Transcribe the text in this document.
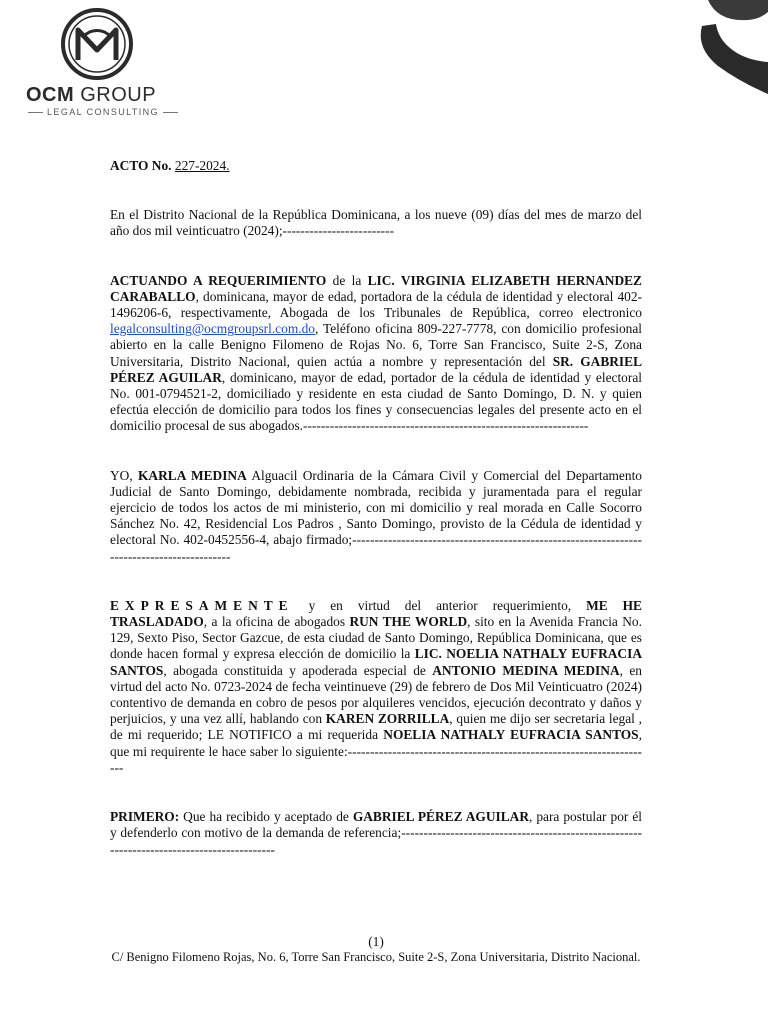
OCM GROUP
LEGAL CONSULTING

ACTO No. 227-2024.

En el Distrito Nacional de la República Dominicana, a los nueve (09) días del mes de marzo del año dos mil veinticuatro (2024);-------------------------

ACTUANDO A REQUERIMIENTO de la LIC. VIRGINIA ELIZABETH HERNANDEZ CARABALLO, dominicana, mayor de edad, portadora de la cédula de identidad y electoral 402-1496206-6, respectivamente, Abogada de los Tribunales de República, correo electronico legalconsulting@ocmgroupsrl.com.do, Teléfono oficina 809-227-7778, con domicilio profesional abierto en la calle Benigno Filomeno de Rojas No. 6, Torre San Francisco, Suite 2-S, Zona Universitaria, Distrito Nacional, quien actúa a nombre y representación del SR. GABRIEL PÉREZ AGUILAR, dominicano, mayor de edad, portador de la cédula de identidad y electoral No. 001-0794521-2, domiciliado y residente en esta ciudad de Santo Domingo, D. N. y quien efectúa elección de domicilio para todos los fines y consecuencias legales del presente acto en el domicilio procesal de sus abogados.----------------------------------------------------------------

YO, KARLA MEDINA Alguacil Ordinaria de la Cámara Civil y Comercial del Departamento Judicial de Santo Domingo, debidamente nombrada, recibida y juramentada para el regular ejercicio de todos los actos de mi ministerio, con mi domicilio y real morada en Calle Socorro Sánchez No. 42, Residencial Los Padros , Santo Domingo, provisto de la Cédula de identidad y electoral No. 402-0452556-4, abajo firmado;--------------------------------------------------------------------------------------------

EXPRESAMENTE y en virtud del anterior requerimiento, ME HE TRASLADADO, a la oficina de abogados RUN THE WORLD, sito en la Avenida Francia No. 129, Sexto Piso, Sector Gazcue, de esta ciudad de Santo Domingo, República Dominicana, que es donde hacen formal y expresa elección de domicilio la LIC. NOELIA NATHALY EUFRACIA SANTOS, abogada constituida y apoderada especial de ANTONIO MEDINA MEDINA, en virtud del acto No. 0723-2024 de fecha veintinueve (29) de febrero de Dos Mil Veinticuatro (2024) contentivo de demanda en cobro de pesos por alquileres vencidos, ejecución decontrato y daños y perjuicios, y una vez allí, hablando con KAREN ZORRILLA, quien me dijo ser secretaria legal , de mi requerido; LE NOTIFICO a mi requerida NOELIA NATHALY EUFRACIA SANTOS, que mi requirente le hace saber lo siguiente:---------------------------------------------------------------------

PRIMERO: Que ha recibido y aceptado de GABRIEL PÉREZ AGUILAR, para postular por él y defenderlo con motivo de la demanda de referencia;-------------------------------------------------------------------------------------------

(1)
C/ Benigno Filomeno Rojas, No. 6, Torre San Francisco, Suite 2-S, Zona Universitaria, Distrito Nacional.
